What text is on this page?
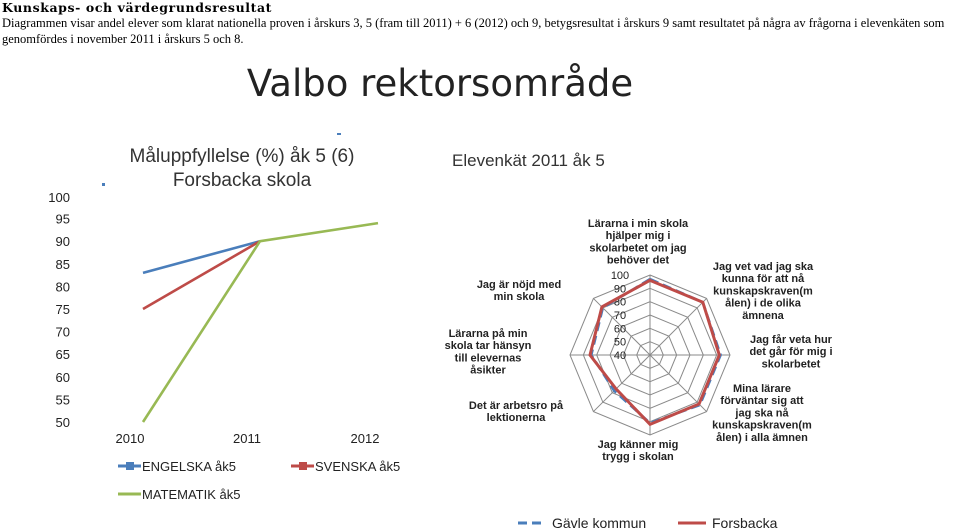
Kunskaps- och värdegrundsresultat
Diagrammen visar andel elever som klarat nationella proven i årskurs 3, 5 (fram till 2011) + 6 (2012) och 9, betygsresultat i årskurs 9 samt resultatet på några av frågorna i elevenkäten som genomfördes i november 2011 i årskurs 5 och 8.
Valbo rektorsområde
Måluppfyllelse (%) åk 5 (6)
Forsbacka skola
100
95
90
85
80
75
70
65
60
55
50
2010	2011	2012
ENGELSKA åk5	SVENSKA åk5
MATEMATIK åk5
Elevenkät 2011 åk 5
100
90
80
70
60
50
40
Lärarna i min skola hjälper mig i skolarbetet om jag behöver det
Jag vet vad jag ska kunna för att nå kunskapskraven(m ålen) i de olika ämnena
Jag får veta hur det går för mig i skolarbetet
Mina lärare förväntar sig att jag ska nå kunskapskraven(m ålen) i alla ämnen
Jag känner mig trygg i skolan
Det är arbetsro på lektionerna
Lärarna på min skola tar hänsyn till elevernas åsikter
Jag är nöjd med min skola
Gävle kommun	Forsbacka
